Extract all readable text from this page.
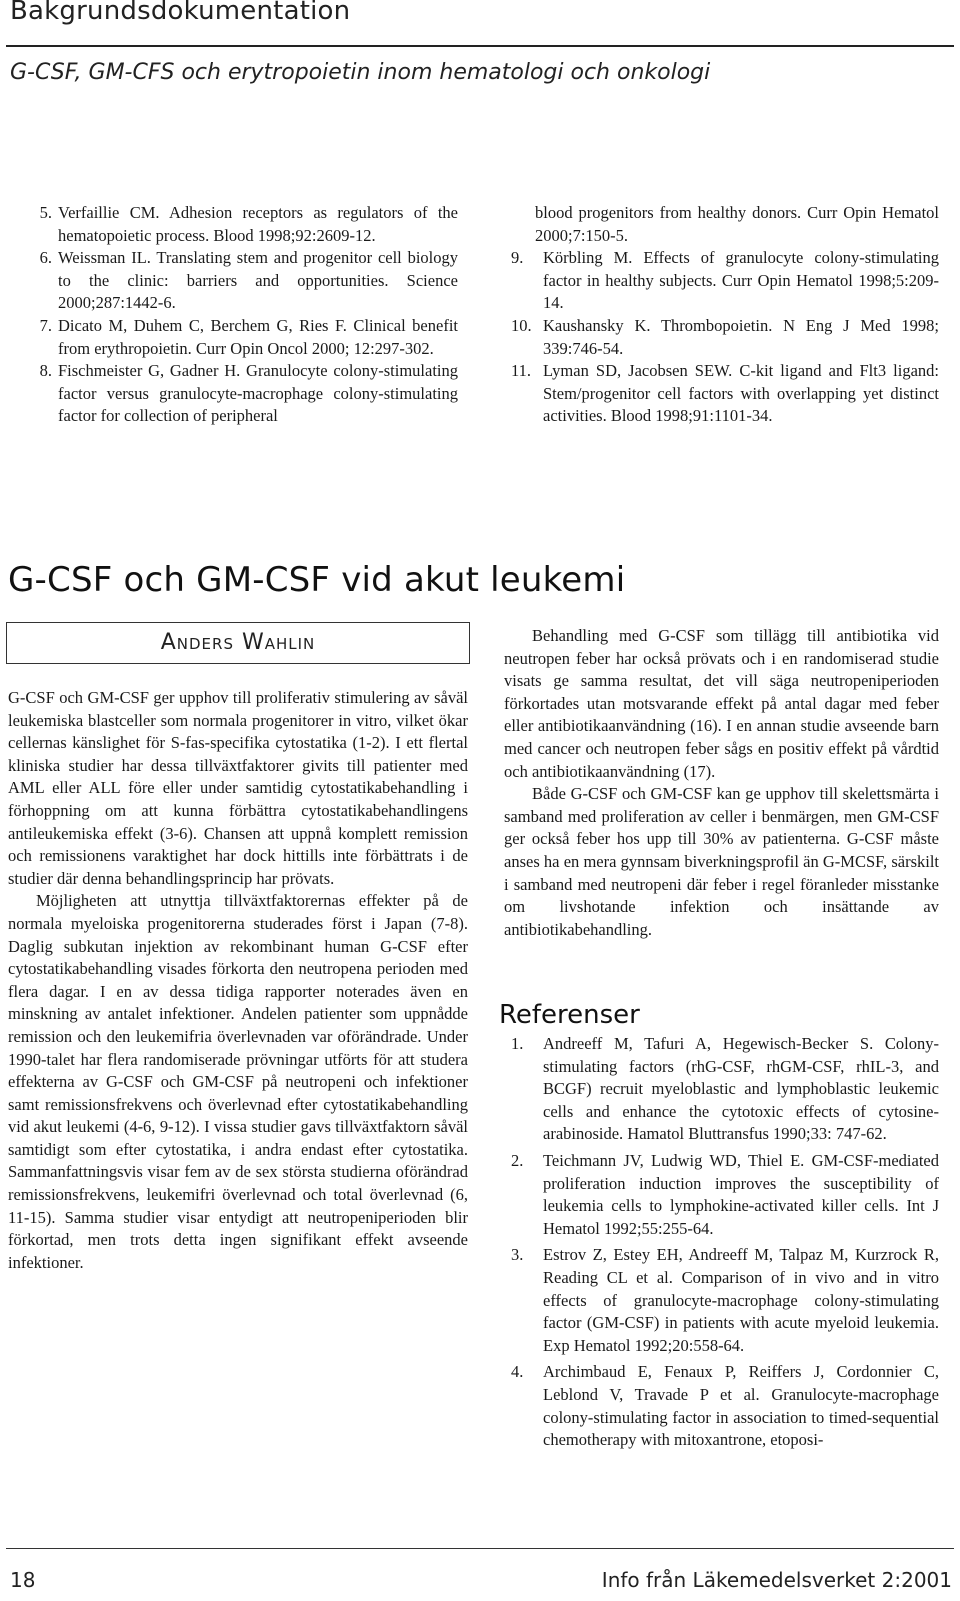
Bakgrundsdokumentation
G-CSF, GM-CFS och erytropoietin inom hematologi och onkologi
5. Verfaillie CM. Adhesion receptors as regulators of the hematopoietic process. Blood 1998;92:2609-12.
6. Weissman IL. Translating stem and progenitor cell biology to the clinic: barriers and opportunities. Science 2000;287:1442-6.
7. Dicato M, Duhem C, Berchem G, Ries F. Clinical benefit from erythropoietin. Curr Opin Oncol 2000; 12:297-302.
8. Fischmeister G, Gadner H. Granulocyte colony-stimulating factor versus granulocyte-macrophage colony-stimulating factor for collection of peripheral
blood progenitors from healthy donors. Curr Opin Hematol 2000;7:150-5.
9.	Körbling M. Effects of granulocyte colony-stimulating factor in healthy subjects. Curr Opin Hematol 1998;5:209-14.
10. Kaushansky K. Thrombopoietin. N Eng J Med 1998; 339:746-54.
11. Lyman SD, Jacobsen SEW. C-kit ligand and Flt3 ligand: Stem/progenitor cell factors with overlapping yet distinct activities. Blood 1998;91:1101-34.
G-CSF och GM-CSF vid akut leukemi
Anders Wahlin

G-CSF och GM-CSF ger upphov till proliferativ stimulering av såväl leukemiska blastceller som normala progenitorer in vitro, vilket ökar cellernas känslighet för S-fas-specifika cytostatika (1-2). I ett flertal kliniska studier har dessa tillväxtfaktorer givits till patienter med AML eller ALL före eller under samtidig cytostatikabehandling i förhoppning om att kunna förbättra cytostatikabehandlingens antileukemiska effekt (3-6). Chansen att uppnå komplett remission och remissionens varaktighet har dock hittills inte förbättrats i de studier där denna behandlingsprincip har prövats.

Möjligheten att utnyttja tillväxtfaktorernas effekter på de normala myeloiska progenitorerna studerades först i Japan (7-8). Daglig subkutan injektion av rekombinant human G-CSF efter cytostatikabehandling visades förkorta den neutropena perioden med flera dagar. I en av dessa tidiga rapporter noterades även en minskning av antalet infektioner. Andelen patienter som uppnådde remission och den leukemifria överlevnaden var oförändrade. Under 1990-talet har flera randomiserade prövningar utförts för att studera effekterna av G-CSF och GM-CSF på neutropeni och infektioner samt remissionsfrekvens och överlevnad efter cytostatikabehandling vid akut leukemi (4-6, 9-12). I vissa studier gavs tillväxtfaktorn såväl samtidigt som efter cytostatika, i andra endast efter cytostatika. Sammanfattningsvis visar fem av de sex största studierna oförändrad remissionsfrekvens, leukemifri överlevnad och total överlevnad (6, 11-15). Samma studier visar entydigt att neutropeniperioden blir förkortad, men trots detta ingen signifikant effekt avseende infektioner.

Behandling med G-CSF som tillägg till antibiotika vid neutropen feber har också prövats och i en randomiserad studie visats ge samma resultat, det vill säga neutropeniperioden förkortades utan motsvarande effekt på antal dagar med feber eller antibiotikaanvändning (16). I en annan studie avseende barn med cancer och neutropen feber sågs en positiv effekt på vårdtid och antibiotikaanvändning (17).

Både G-CSF och GM-CSF kan ge upphov till skelettsmärta i samband med proliferation av celler i benmärgen, men GM-CSF ger också feber hos upp till 30% av patienterna. G-CSF måste anses ha en mera gynnsam biverkningsprofil än G-MCSF, särskilt i samband med neutropeni där feber i regel föranleder misstanke om livshotande infektion och insättande av antibiotikabehandling.

Referenser
1.	Andreeff M, Tafuri A, Hegewisch-Becker S. Colony-stimulating factors (rhG-CSF, rhGM-CSF, rhIL-3, and BCGF) recruit myeloblastic and lymphoblastic leukemic cells and enhance the cytotoxic effects of cytosine-arabinoside. Hamatol Bluttransfus 1990;33: 747-62.
2.	Teichmann JV, Ludwig WD, Thiel E. GM-CSF-mediated proliferation induction improves the susceptibility of leukemia cells to lymphokine-activated killer cells. Int J Hematol 1992;55:255-64.
3.	Estrov Z, Estey EH, Andreeff M, Talpaz M, Kurzrock R, Reading CL et al. Comparison of in vivo and in vitro effects of granulocyte-macrophage colony-stimulating factor (GM-CSF) in patients with acute myeloid leukemia. Exp Hematol 1992;20:558-64.
4.	Archimbaud E, Fenaux P, Reiffers J, Cordonnier C, Leblond V, Travade P et al. Granulocyte-macrophage colony-stimulating factor in association to timed-sequential chemotherapy with mitoxantrone, etoposi-
18	Info från Läkemedelsverket 2:2001
